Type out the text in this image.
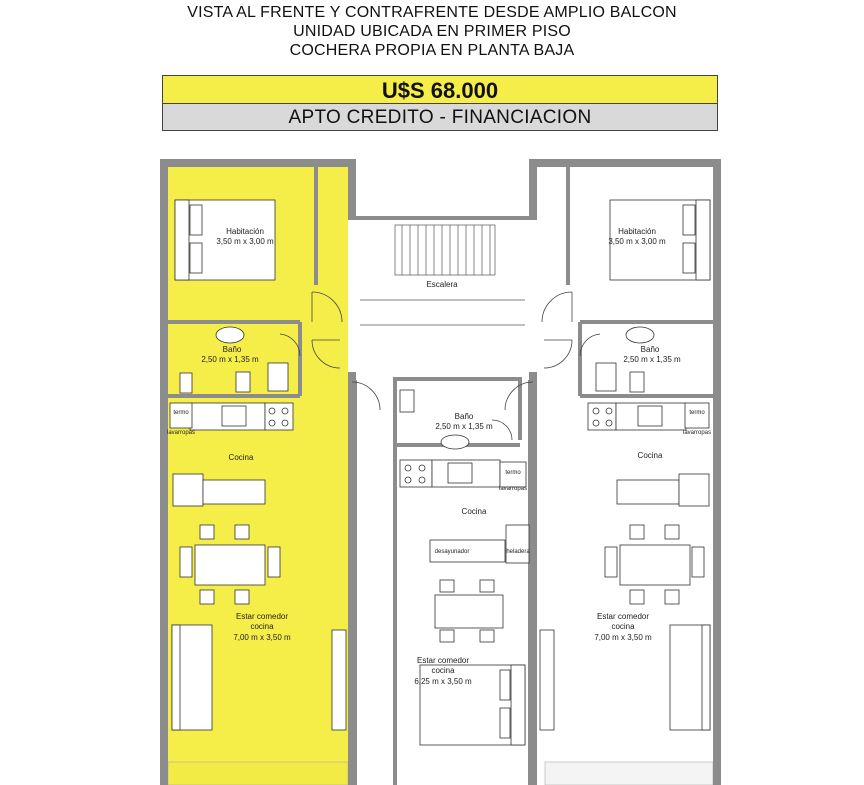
VISTA AL FRENTE Y CONTRAFRENTE DESDE AMPLIO BALCON
UNIDAD UBICADA EN PRIMER PISO
COCHERA PROPIA EN PLANTA BAJA
U$S 68.000
APTO CREDITO - FINANCIACION
Habitación
3,50 m x 3,00 m
Baño
2,50 m x 1,35 m
termo
lavarropas
Cocina
Estar comedor
cocina
7,00 m x 3,50 m
Escalera
Baño
2,50 m x 1,35 m
termo
lavarropas
Cocina
desayunador	heladera
Estar comedor
cocina
6,25 m x 3,50 m
Habitación
3,50 m x 3,00 m
Baño
2,50 m x 1,35 m
termo
lavarropas
Cocina
Estar comedor
cocina
7,00 m x 3,50 m
